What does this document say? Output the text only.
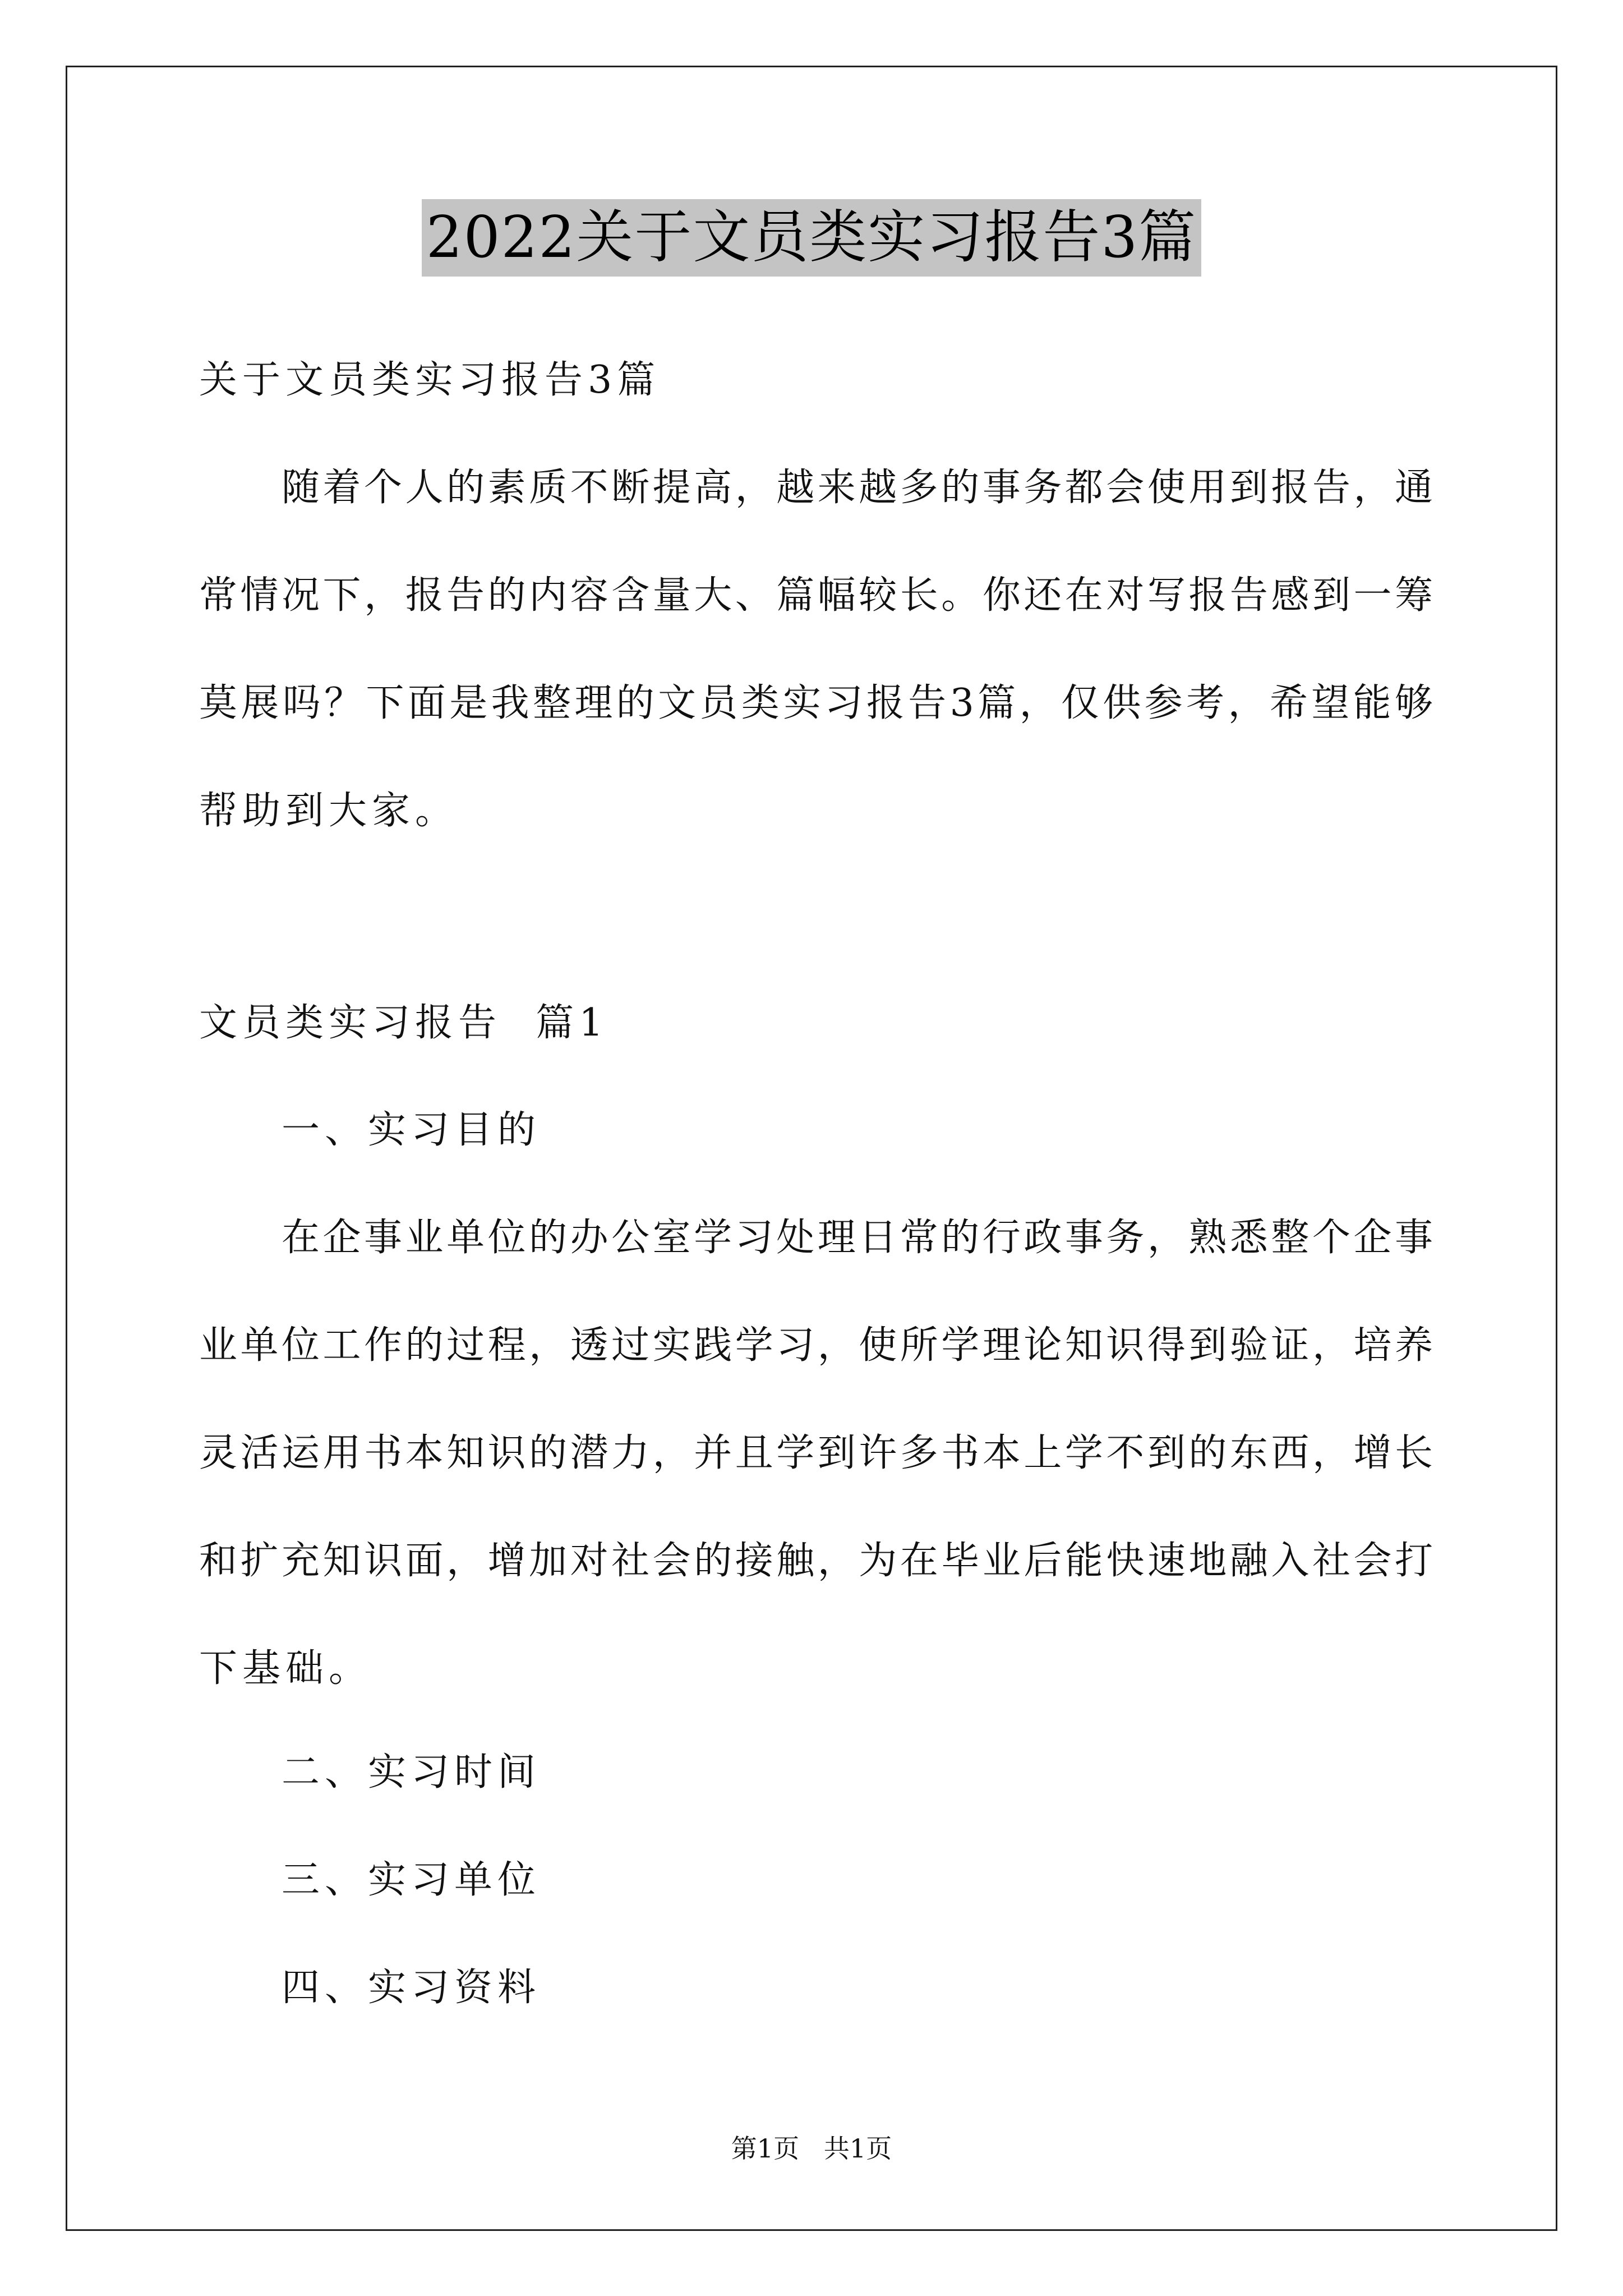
2022关于文员类实习报告3篇
关于文员类实习报告3篇
随着个人的素质不断提高，越来越多的事务都会使用到报告，通
常情况下，报告的内容含量大、篇幅较长。你还在对写报告感到一筹
莫展吗？下面是我整理的文员类实习报告3篇，仅供参考，希望能够
帮助到大家。
文员类实习报告  篇1
一、实习目的
在企事业单位的办公室学习处理日常的行政事务，熟悉整个企事
业单位工作的过程，透过实践学习，使所学理论知识得到验证，培养
灵活运用书本知识的潜力，并且学到许多书本上学不到的东西，增长
和扩充知识面，增加对社会的接触，为在毕业后能快速地融入社会打
下基础。
二、实习时间
三、实习单位
四、实习资料
第1页   共1页
